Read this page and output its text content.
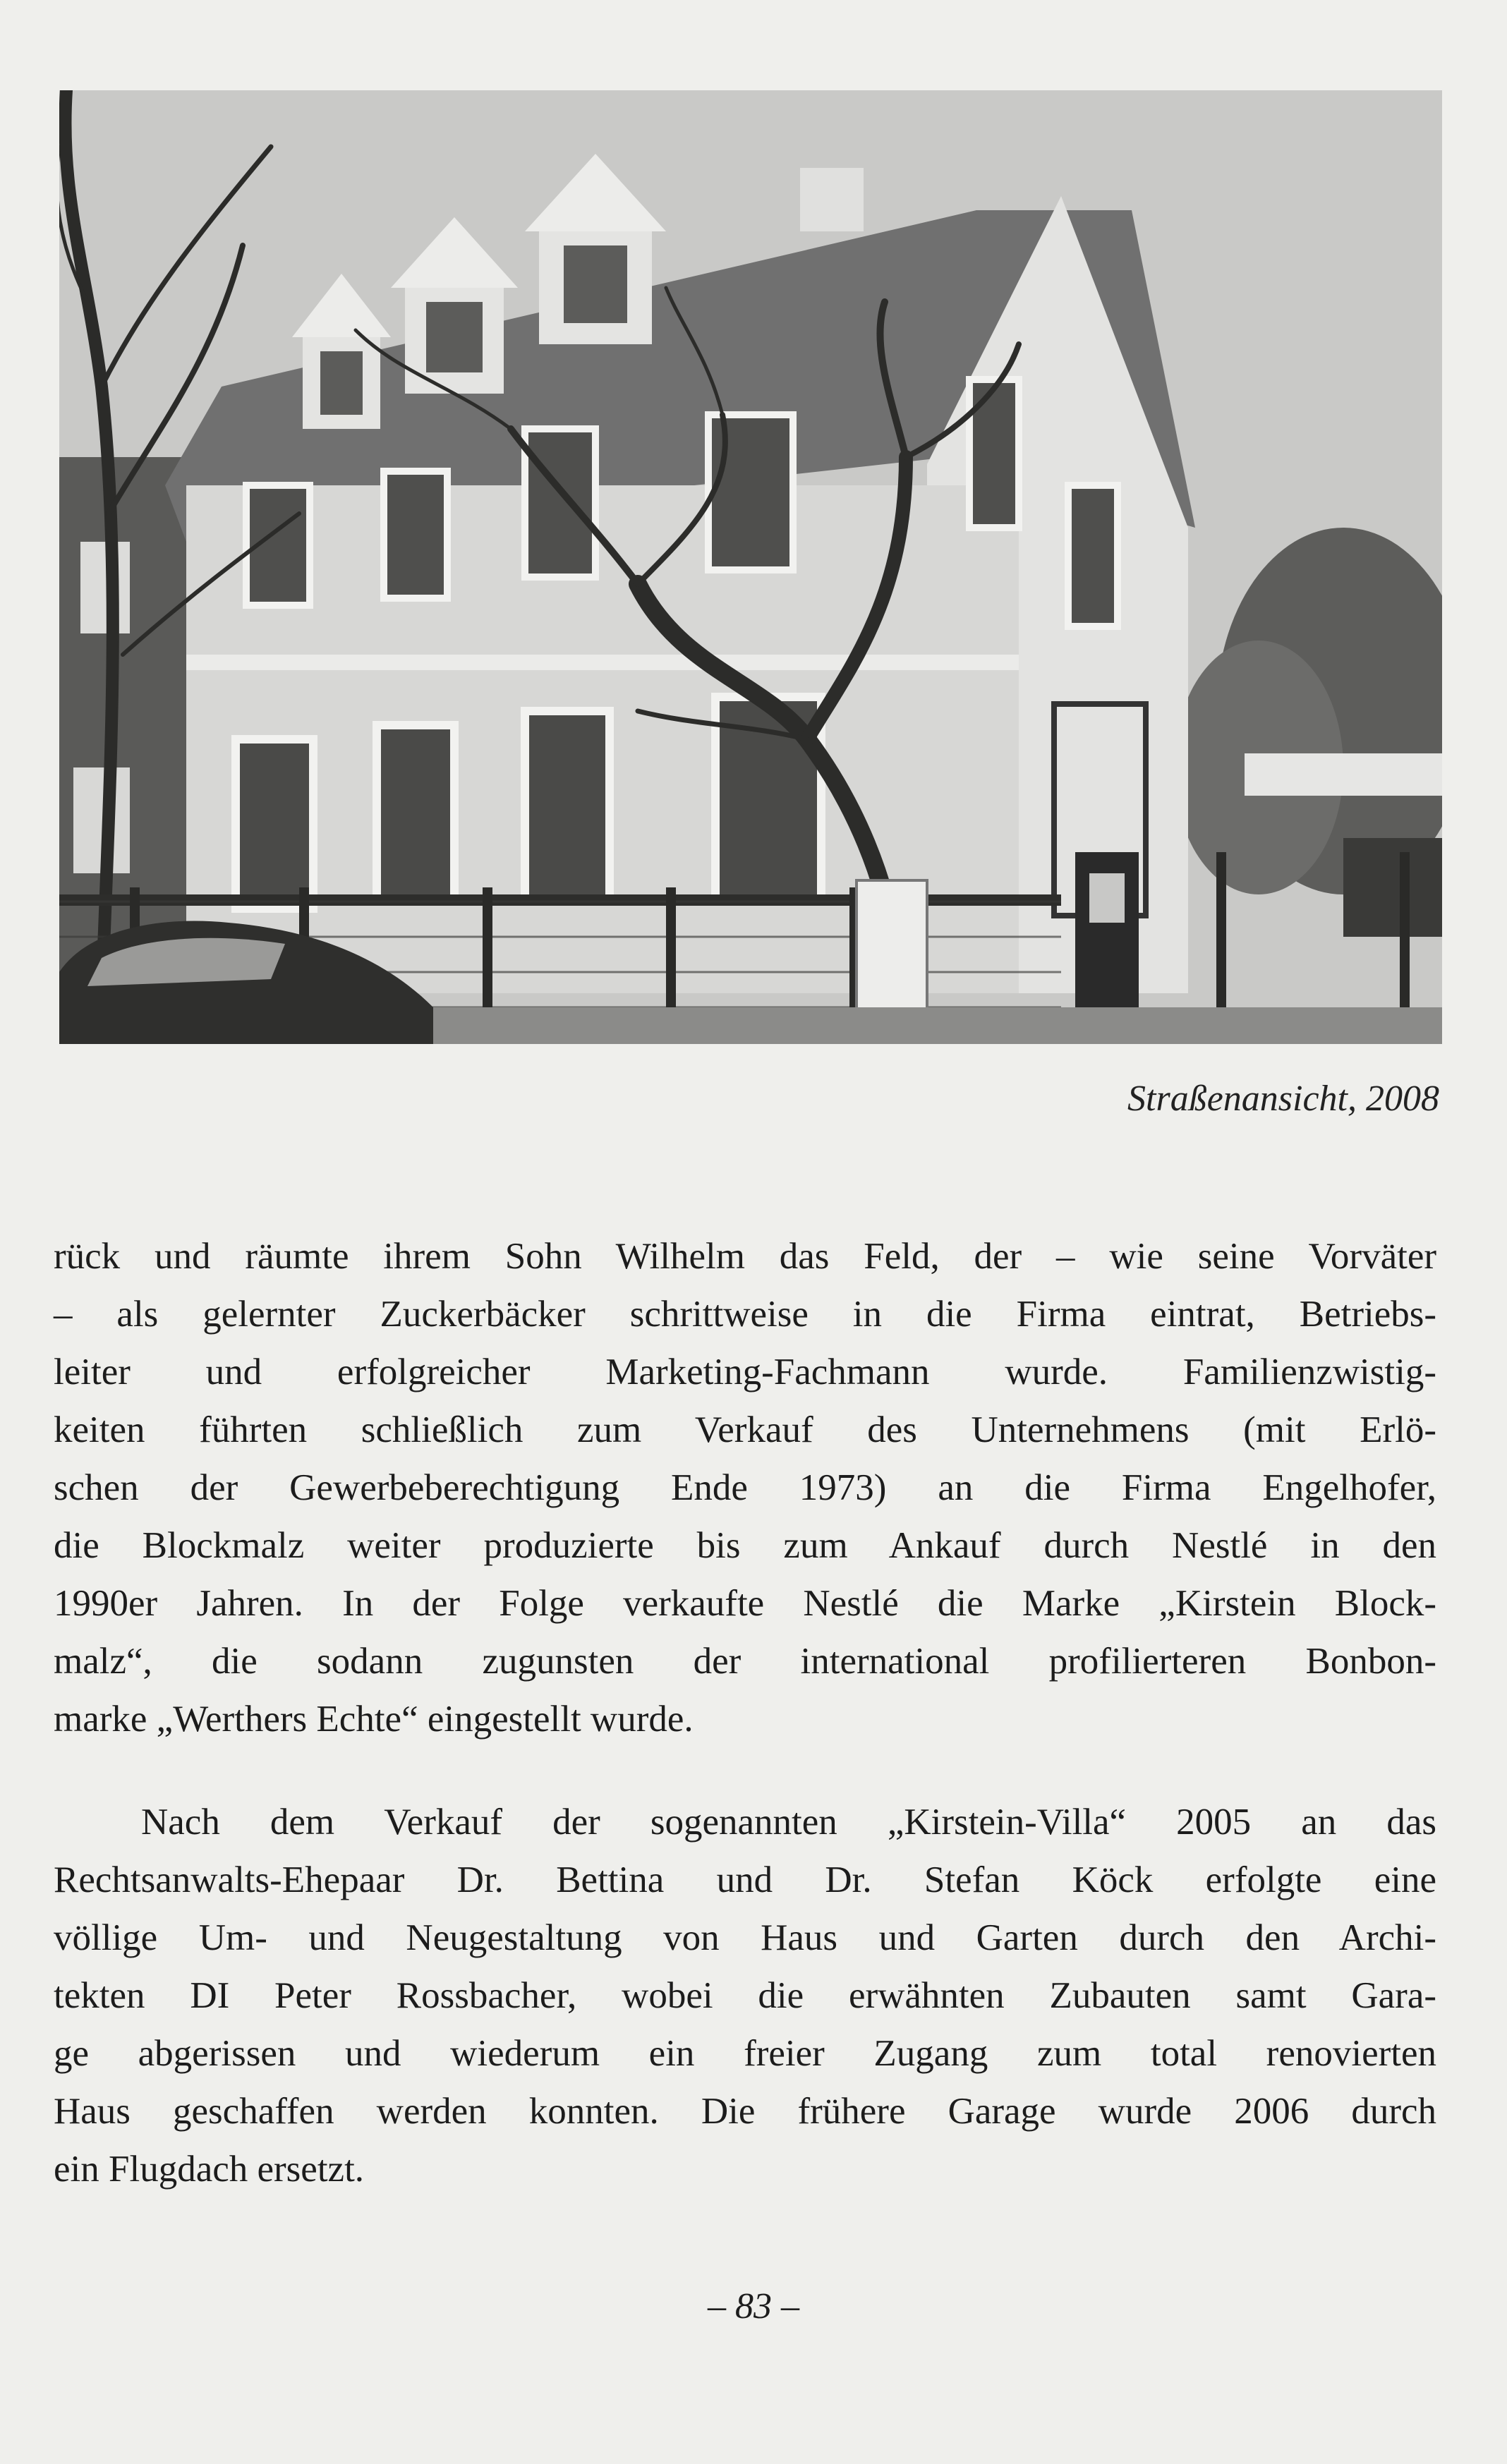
Straßenansicht, 2008
rück und räumte ihrem Sohn Wilhelm das Feld, der – wie seine Vorväter
– als gelernter Zuckerbäcker schrittweise in die Firma eintrat, Betriebs-
leiter und erfolgreicher Marketing-Fachmann wurde. Familienzwistig-
keiten führten schließlich zum Verkauf des Unternehmens (mit Erlö-
schen der Gewerbeberechtigung Ende 1973) an die Firma Engelhofer,
die Blockmalz weiter produzierte bis zum Ankauf durch Nestlé in den
1990er Jahren. In der Folge verkaufte Nestlé die Marke „Kirstein Block-
malz“, die sodann zugunsten der international profilierteren Bonbon-
marke „Werthers Echte“ eingestellt wurde.
Nach dem Verkauf der sogenannten „Kirstein-Villa“ 2005 an das
Rechtsanwalts-Ehepaar Dr. Bettina und Dr. Stefan Köck erfolgte eine
völlige Um- und Neugestaltung von Haus und Garten durch den Archi-
tekten DI Peter Rossbacher, wobei die erwähnten Zubauten samt Gara-
ge abgerissen und wiederum ein freier Zugang zum total renovierten
Haus geschaffen werden konnten. Die frühere Garage wurde 2006 durch
ein Flugdach ersetzt.
– 83 –
